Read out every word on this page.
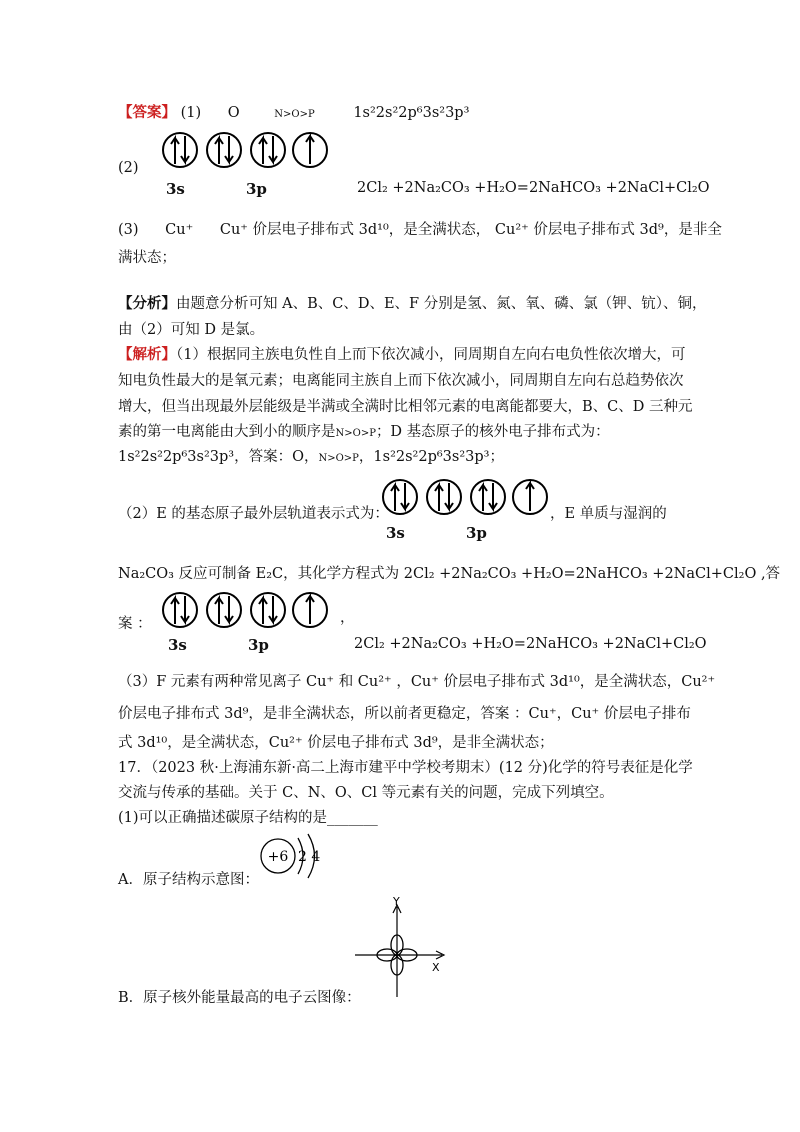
【答案】 (1) O	N>O>P	1s²2s²2p⁶3s²3p³
(2)
3s	3p	2Cl₂ +2Na₂CO₃ +H₂O=2NaHCO₃ +2NaCl+Cl₂O
(3) Cu⁺ Cu⁺ 价层电子排布式 3d¹⁰，是全满状态， Cu²⁺ 价层电子排布式 3d⁹，是非全
满状态；
【分析】由题意分析可知 A、B、C、D、E、F 分别是氢、氮、氧、磷、氯（钾、钪）、铜，
由（2）可知 D 是氯。
【解析】（1）根据同主族电负性自上而下依次减小，同周期自左向右电负性依次增大，可
知电负性最大的是氧元素；电离能同主族自上而下依次减小，同周期自左向右总趋势依次
增大，但当出现最外层能级是半满或全满时比相邻元素的电离能都要大，B、C、D 三种元
素的第一电离能由大到小的顺序是N>O>P；D 基态原子的核外电子排布式为：
1s²2s²2p⁶3s²3p³，答案：O，N>O>P，1s²2s²2p⁶3s²3p³；
（2）E 的基态原子最外层轨道表示式为：	，E 单质与湿润的
3s	3p
Na₂CO₃ 反应可制备 E₂C，其化学方程式为 2Cl₂ +2Na₂CO₃ +H₂O=2NaHCO₃ +2NaCl+Cl₂O ,答
案 ：	，
3s	3p	2Cl₂ +2Na₂CO₃ +H₂O=2NaHCO₃ +2NaCl+Cl₂O
（3）F 元素有两种常见离子 Cu⁺ 和 Cu²⁺ ，Cu⁺ 价层电子排布式 3d¹⁰，是全满状态，Cu²⁺
价层电子排布式 3d⁹，是非全满状态，所以前者更稳定，答案 ：Cu⁺，Cu⁺ 价层电子排布
式 3d¹⁰，是全满状态，Cu²⁺ 价层电子排布式 3d⁹，是非全满状态；
17．（2023 秋·上海浦东新·高二上海市建平中学校考期末）(12 分)化学的符号表征是化学
交流与传承的基础。关于 C、N、O、Cl 等元素有关的问题，完成下列填空。
(1)可以正确描述碳原子结构的是_______
A．原子结构示意图：
+6 2 4
B．原子核外能量最高的电子云图像：
Y
X
